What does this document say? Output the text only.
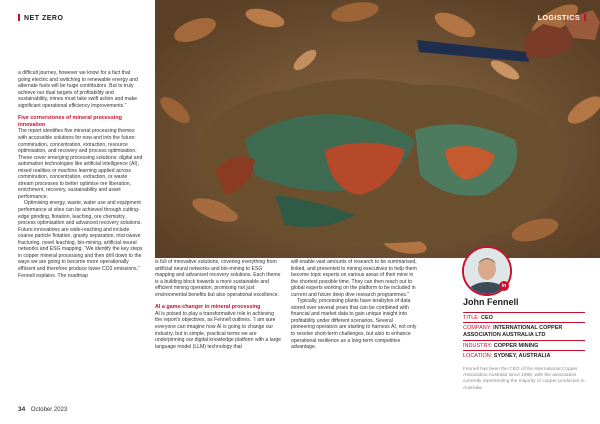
NET ZERO	LOGISTICS

a difficult journey, however we know for a fact that going electric and switching to renewable energy and alternate fuels will be huge contributors. But to truly achieve our dual targets of profitability and sustainability, mines must take swift action and make significant operational efficiency improvements.”

Five cornerstones of mineral processing innovation

The report identifies five mineral processing themes with accessible solutions for now and into the future: comminution, concentration, extraction, resource optimisation, and recovery and process optimisation. These cover emerging processing solutions: digital and automation technologies like artificial intelligence (AI), mixed realities or machine learning applied across comminution, concentration, extraction, or waste stream processes to better optimise ore liberation, enrichment, recovery, sustainability and asset performance.

Optimising energy, waste, water use and equipment performance at sites can be achieved through cutting-edge grinding, flotation, leaching, ore chemistry, process optimisation and advanced recovery solutions. Future innovations are wide-reaching and include coarse particle flotation, gravity separation, microwave fracturing, novel leaching, bio-mining, artificial neural networks and ESG mapping. “We identify the key steps in copper mineral processing and then drill down to the ways we are going to become more operationally efficient and therefore produce lower CO2 emissions,” Fennell explains. The roadmap

is full of innovative solutions, covering everything from artificial neural networks and bio-mining to ESG mapping and advanced recovery solutions. Each theme is a building block towards a more sustainable and efficient mining operation, promising not just environmental benefits but also operational excellence.

AI a game-changer in mineral processing

AI is poised to play a transformative role in achieving the report’s objectives, as Fennell outlines. “I am sure everyone can imagine how AI is going to change our industry, but in simple, practical terms we are underpinning our digital knowledge platform with a large language model (LLM) technology that

will enable vast amounts of research to be summarised, linked, and presented to mining executives to help them become topic experts on various areas of their mine in the shortest possible time. They can then reach out to global experts working on the platform to be included in current and future deep dive research programmes.”

Typically, processing plants have terabytes of data stored over several years that can be combined with financial and market data to gain unique insight into profitability under different scenarios. Several pioneering operators are starting to harness AI, not only to resolve short-term challenges, but also to enhance operational resilience as a long-term competitive advantage.

in
John Fennell
TITLE: CEO
COMPANY: INTERNATIONAL COPPER ASSOCIATION AUSTRALIA LTD
INDUSTRY: COPPER MINING
LOCATION: SYDNEY, AUSTRALIA
Fennell has been the CEO of the International Copper Association Australia since 1998, with the association currently representing the majority of copper producers in Australia.
34 October 2023
